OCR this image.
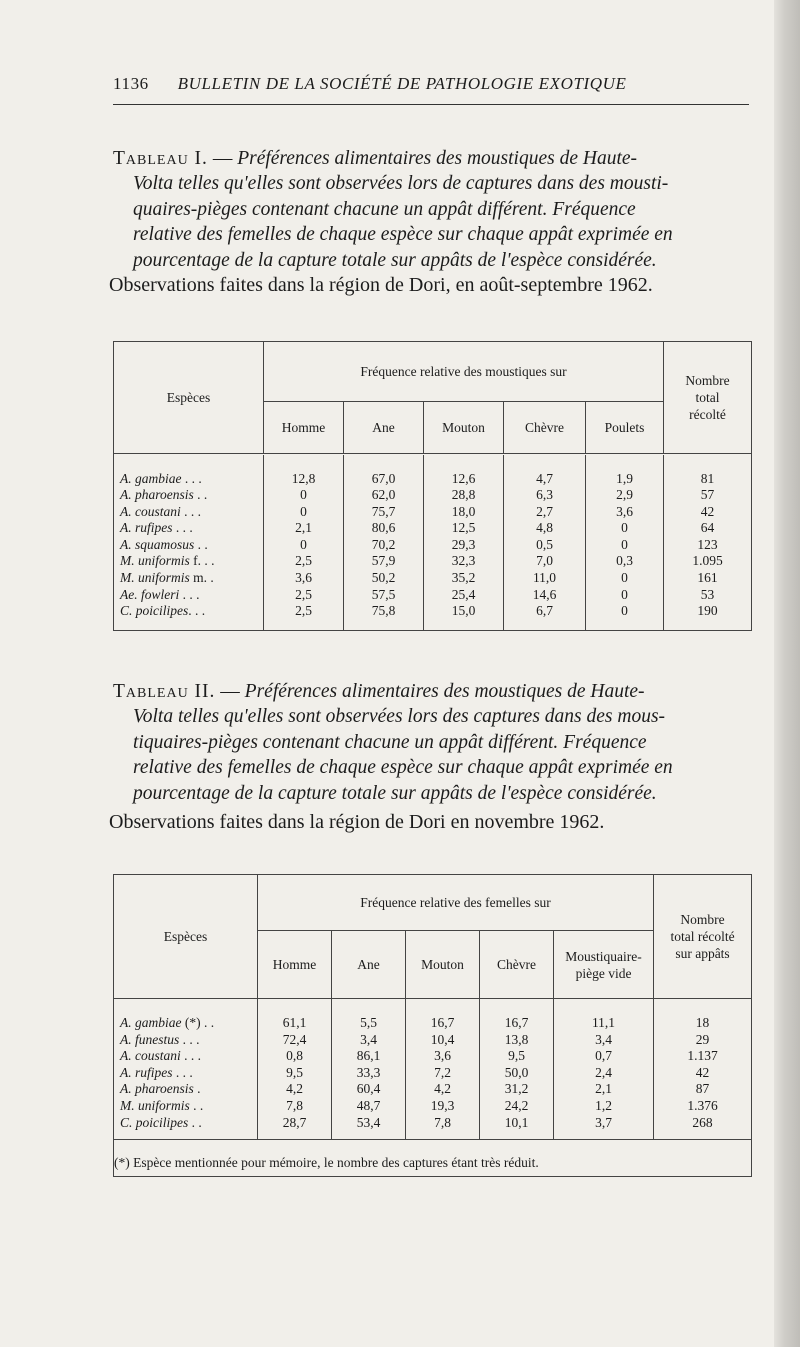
1136 BULLETIN DE LA SOCIÉTÉ DE PATHOLOGIE EXOTIQUE
Tableau I. — Préférences alimentaires des moustiques de Haute-
Volta telles qu'elles sont observées lors de captures dans des mousti-
quaires-pièges contenant chacune un appât différent. Fréquence
relative des femelles de chaque espèce sur chaque appât exprimée en
pourcentage de la capture totale sur appâts de l'espèce considérée.
Observations faites dans la région de Dori, en août-septembre 1962.
Espèces	Fréquence relative des moustiques sur					Nombre
total
récolté

	Homme	Ane	Mouton	Chèvre	Poulets	

A. gambiae . . .	12,8	67,0	12,6	4,7	1,9	81
A. pharoensis . .	0	62,0	28,8	6,3	2,9	57
A. coustani . . .	0	75,7	18,0	2,7	3,6	42
A. rufipes . . .	2,1	80,6	12,5	4,8	0	64
A. squamosus . .	0	70,2	29,3	0,5	0	123
M. uniformis f. . .	2,5	57,9	32,3	7,0	0,3	1.095
M. uniformis m. .	3,6	50,2	35,2	11,0	0	161
Ae. fowleri . . .	2,5	57,5	25,4	14,6	0	53
C. poicilipes. . .	2,5	75,8	15,0	6,7	0	190

Tableau II. — Préférences alimentaires des moustiques de Haute-
Volta telles qu'elles sont observées lors des captures dans des mous-
tiquaires-pièges contenant chacune un appât différent. Fréquence
relative des femelles de chaque espèce sur chaque appât exprimée en
pourcentage de la capture totale sur appâts de l'espèce considérée.
Observations faites dans la région de Dori en novembre 1962.
Espèces	Fréquence relative des femelles sur					Nombre
total récolté
sur appâts

	Homme	Ane	Mouton	Chèvre	Moustiquaire-
piège vide	

A. gambiae (*) . .	61,1	5,5	16,7	16,7	11,1	18
A. funestus . . .	72,4	3,4	10,4	13,8	3,4	29
A. coustani . . .	0,8	86,1	3,6	9,5	0,7	1.137
A. rufipes . . .	9,5	33,3	7,2	50,0	2,4	42
A. pharoensis .	4,2	60,4	4,2	31,2	2,1	87
M. uniformis . .	7,8	48,7	19,3	24,2	1,2	1.376
C. poicilipes . .	28,7	53,4	7,8	10,1	3,7	268

(*) Espèce mentionnée pour mémoire, le nombre des captures étant très réduit.						
